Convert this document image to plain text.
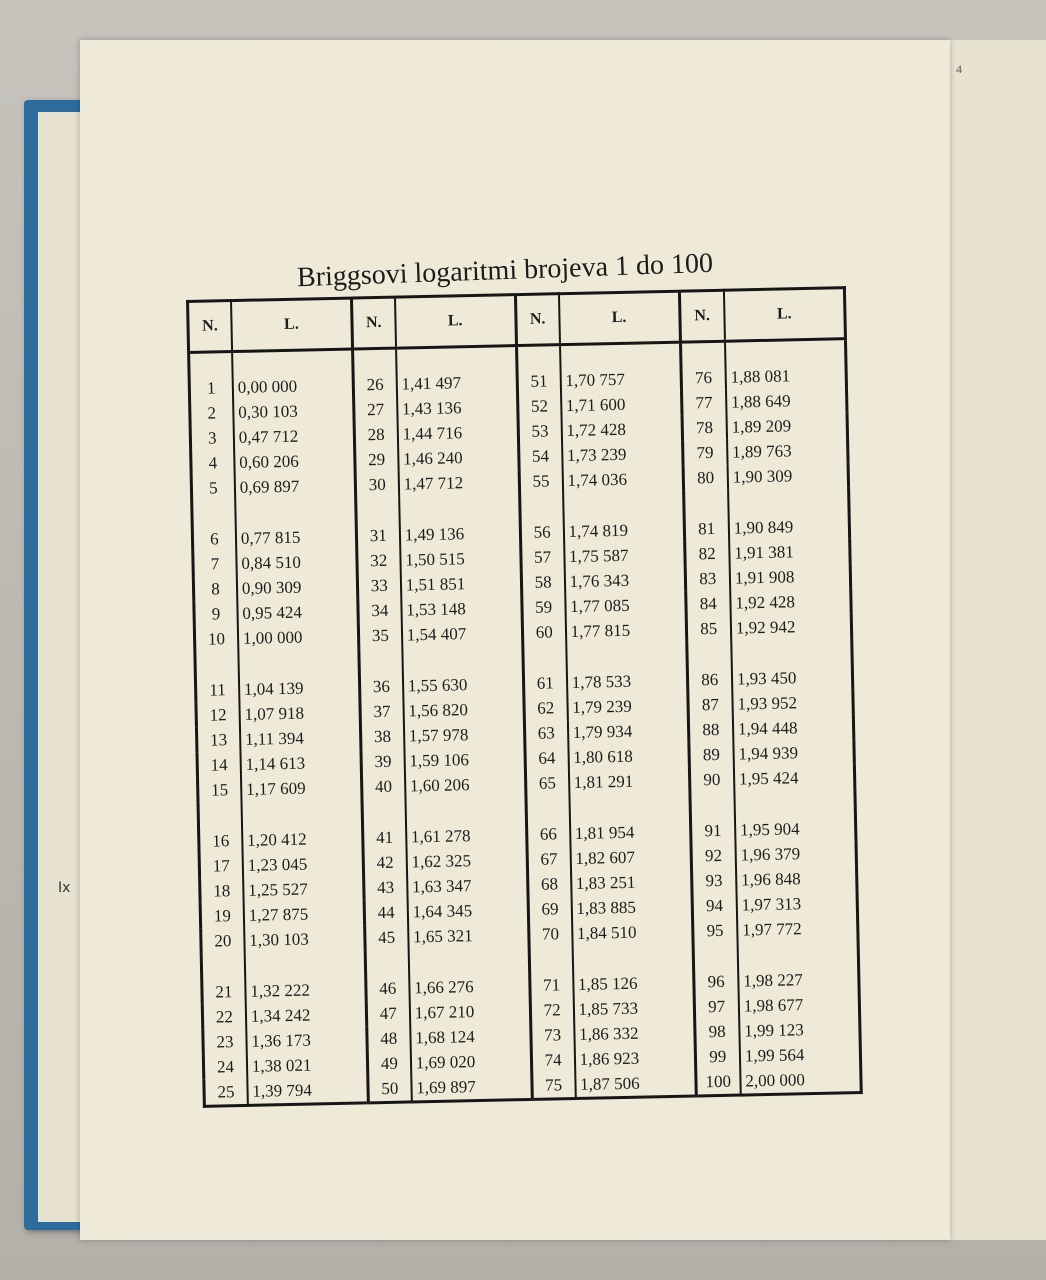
4
Ix
Briggsovi logaritmi brojeva 1 do 100
N.	L.	N.	L.	N.	L.	N.	L.
1	0,00 000	26	1,41 497	51	1,70 757	76	1,88 081
2	0,30 103	27	1,43 136	52	1,71 600	77	1,88 649
3	0,47 712	28	1,44 716	53	1,72 428	78	1,89 209
4	0,60 206	29	1,46 240	54	1,73 239	79	1,89 763
5	0,69 897	30	1,47 712	55	1,74 036	80	1,90 309
6	0,77 815	31	1,49 136	56	1,74 819	81	1,90 849
7	0,84 510	32	1,50 515	57	1,75 587	82	1,91 381
8	0,90 309	33	1,51 851	58	1,76 343	83	1,91 908
9	0,95 424	34	1,53 148	59	1,77 085	84	1,92 428
10	1,00 000	35	1,54 407	60	1,77 815	85	1,92 942
11	1,04 139	36	1,55 630	61	1,78 533	86	1,93 450
12	1,07 918	37	1,56 820	62	1,79 239	87	1,93 952
13	1,11 394	38	1,57 978	63	1,79 934	88	1,94 448
14	1,14 613	39	1,59 106	64	1,80 618	89	1,94 939
15	1,17 609	40	1,60 206	65	1,81 291	90	1,95 424
16	1,20 412	41	1,61 278	66	1,81 954	91	1,95 904
17	1,23 045	42	1,62 325	67	1,82 607	92	1,96 379
18	1,25 527	43	1,63 347	68	1,83 251	93	1,96 848
19	1,27 875	44	1,64 345	69	1,83 885	94	1,97 313
20	1,30 103	45	1,65 321	70	1,84 510	95	1,97 772
21	1,32 222	46	1,66 276	71	1,85 126	96	1,98 227
22	1,34 242	47	1,67 210	72	1,85 733	97	1,98 677
23	1,36 173	48	1,68 124	73	1,86 332	98	1,99 123
24	1,38 021	49	1,69 020	74	1,86 923	99	1,99 564
25	1,39 794	50	1,69 897	75	1,87 506	100	2,00 000
